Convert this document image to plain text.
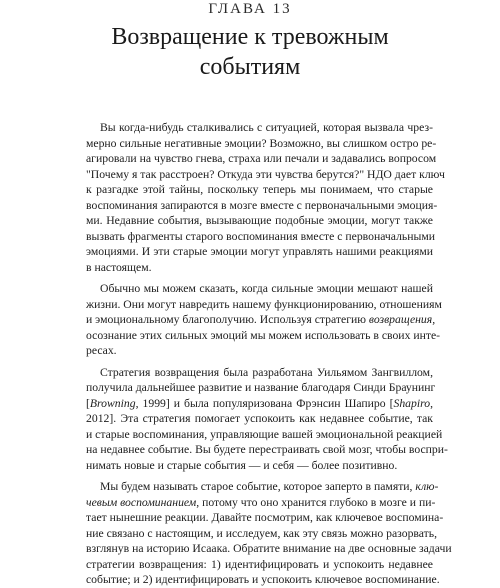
ГЛАВА 13
Возвращение к тревожным
событиям
Вы когда-нибудь сталкивались с ситуацией, которая вызвала чрез-
мерно сильные негативные эмоции? Возможно, вы слишком остро ре-
агировали на чувство гнева, страха или печали и задавались вопросом
"Почему я так расстроен? Откуда эти чувства берутся?" НДО дает ключ
к разгадке этой тайны, поскольку теперь мы понимаем, что старые
воспоминания запираются в мозге вместе с первоначальными эмоция-
ми. Недавние события, вызывающие подобные эмоции, могут также
вызвать фрагменты старого воспоминания вместе с первоначальными
эмоциями. И эти старые эмоции могут управлять нашими реакциями
в настоящем.
Обычно мы можем сказать, когда сильные эмоции мешают нашей
жизни. Они могут навредить нашему функционированию, отношениям
и эмоциональному благополучию. Используя стратегию возвращения,
осознание этих сильных эмоций мы можем использовать в своих инте-
ресах.
Стратегия возвращения была разработана Уильямом Зангвиллом,
получила дальнейшее развитие и название благодаря Синди Браунинг
[Browning, 1999] и была популяризована Фрэнсин Шапиро [Shapiro,
2012]. Эта стратегия помогает успокоить как недавнее событие, так
и старые воспоминания, управляющие вашей эмоциональной реакцией
на недавнее событие. Вы будете перестраивать свой мозг, чтобы воспри-
нимать новые и старые события — и себя — более позитивно.
Мы будем называть старое событие, которое заперто в памяти, клю-
чевым воспоминанием, потому что оно хранится глубоко в мозге и пи-
тает нынешние реакции. Давайте посмотрим, как ключевое воспомина-
ние связано с настоящим, и исследуем, как эту связь можно разорвать,
взглянув на историю Исаака. Обратите внимание на две основные задачи
стратегии возвращения: 1) идентифицировать и успокоить недавнее
событие; и 2) идентифицировать и успокоить ключевое воспоминание.
